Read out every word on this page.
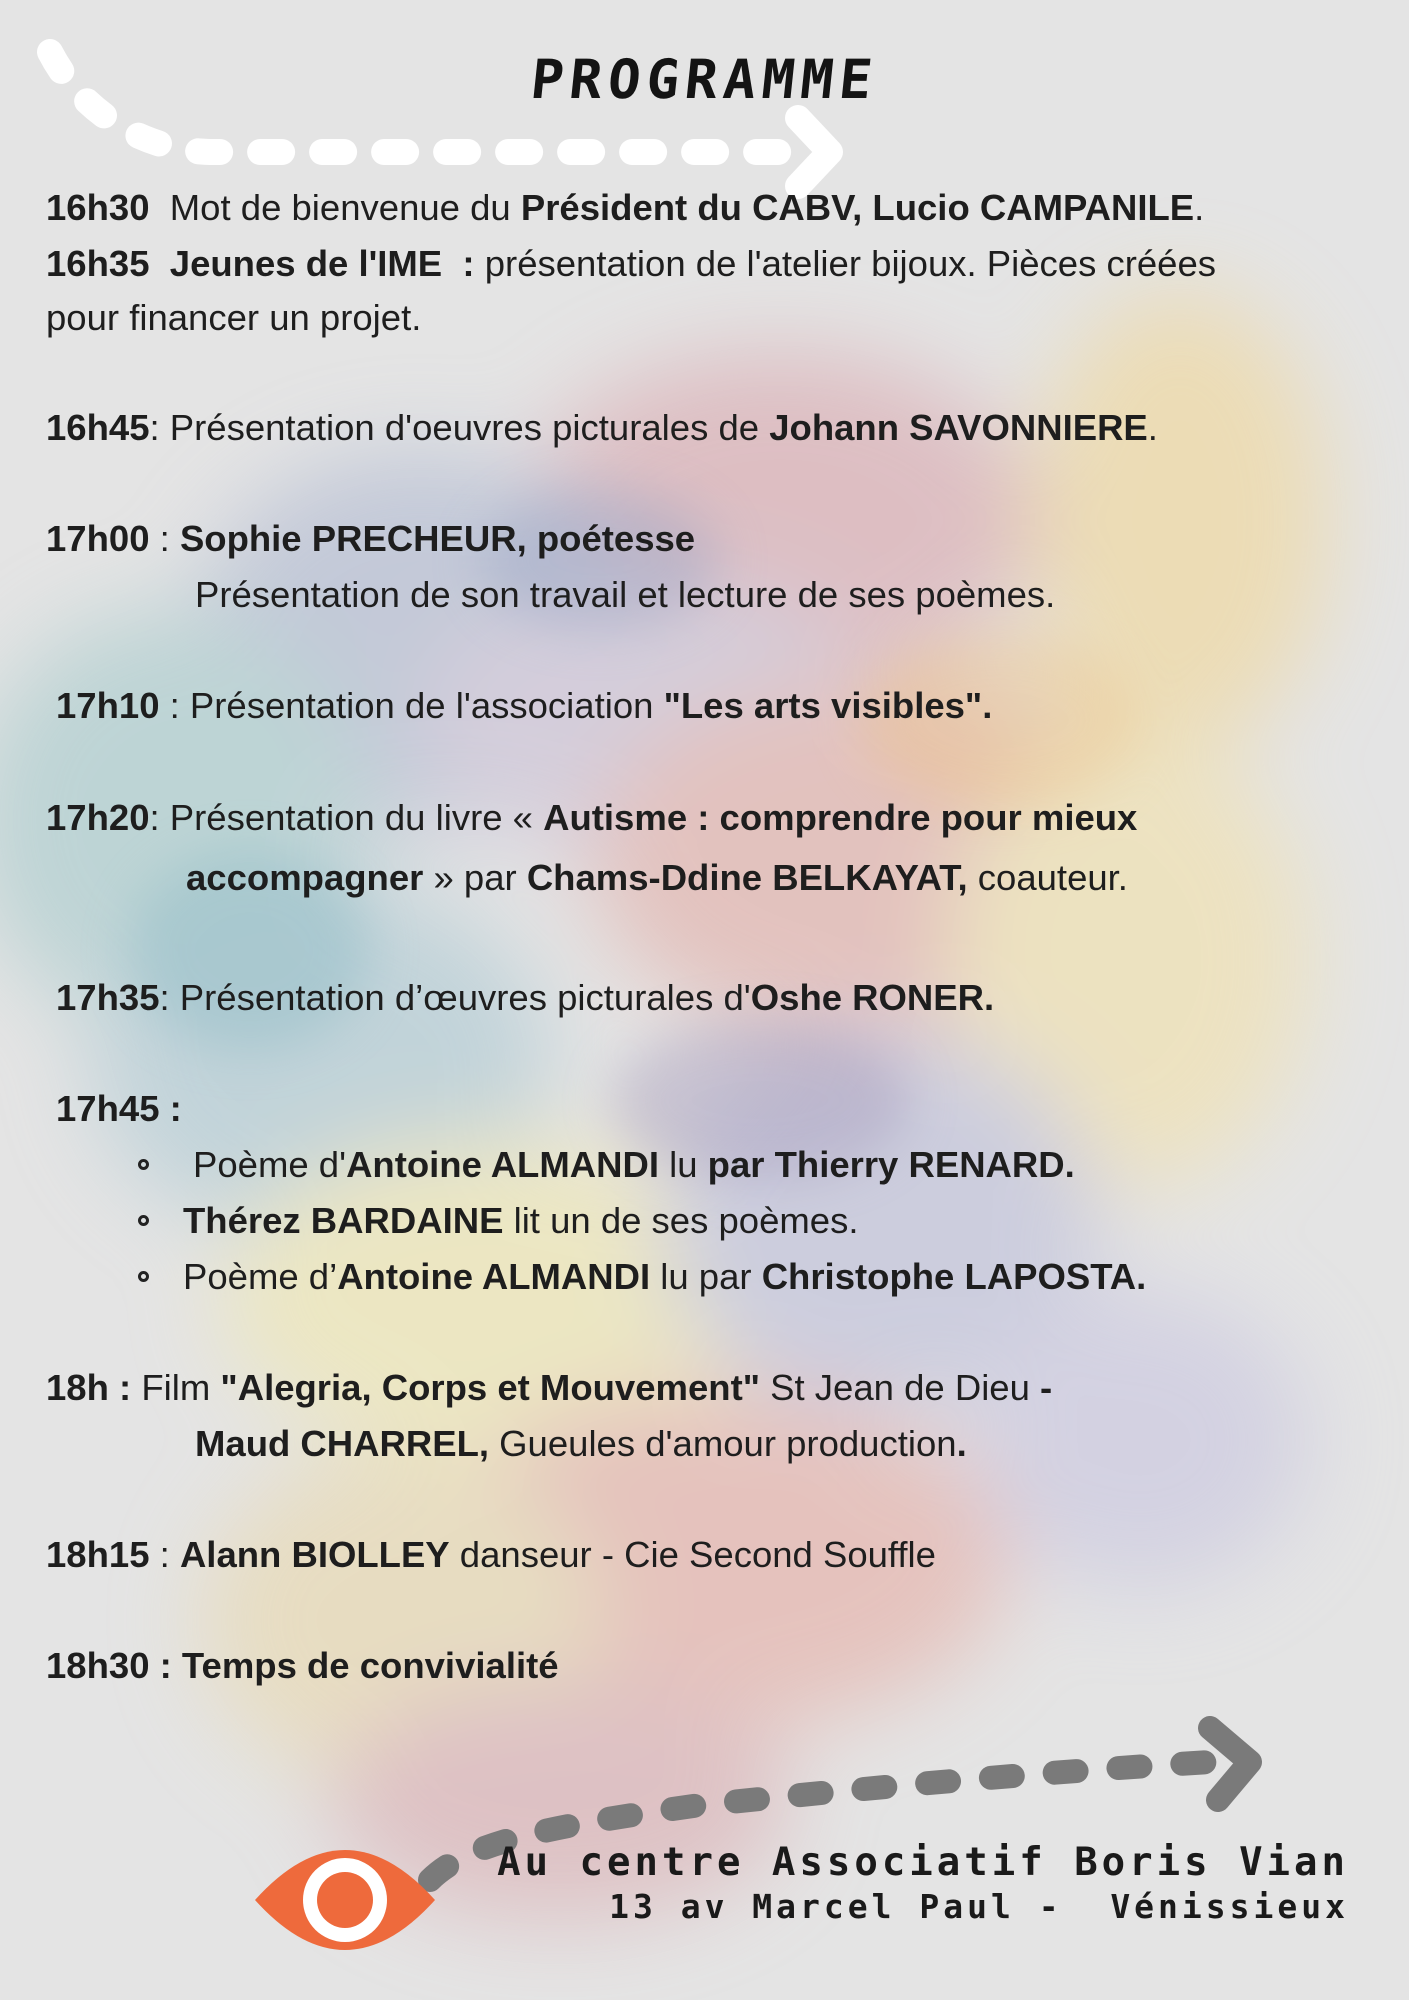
PROGRAMME
16h30  Mot de bienvenue du Président du CABV, Lucio CAMPANILE.
16h35  Jeunes de l'IME  : présentation de l'atelier bijoux. Pièces créées
pour financer un projet.
16h45: Présentation d'oeuvres picturales de Johann SAVONNIERE.
17h00 : Sophie PRECHEUR, poétesse
Présentation de son travail et lecture de ses poèmes.
17h10 : Présentation de l'association "Les arts visibles".
17h20: Présentation du livre « Autisme : comprendre pour mieux
accompagner » par Chams-Ddine BELKAYAT, coauteur.
17h35: Présentation d’œuvres picturales d'Oshe RONER.
17h45 :
Poème d'Antoine ALMANDI lu par Thierry RENARD.
Thérez BARDAINE lit un de ses poèmes.
Poème d’Antoine ALMANDI lu par Christophe LAPOSTA.
18h : Film "Alegria, Corps et Mouvement" St Jean de Dieu -
Maud CHARREL, Gueules d'amour production.
18h15 : Alann BIOLLEY danseur - Cie Second Souffle
18h30 : Temps de convivialité
Au centre Associatif Boris Vian
13 av Marcel Paul -  Vénissieux
